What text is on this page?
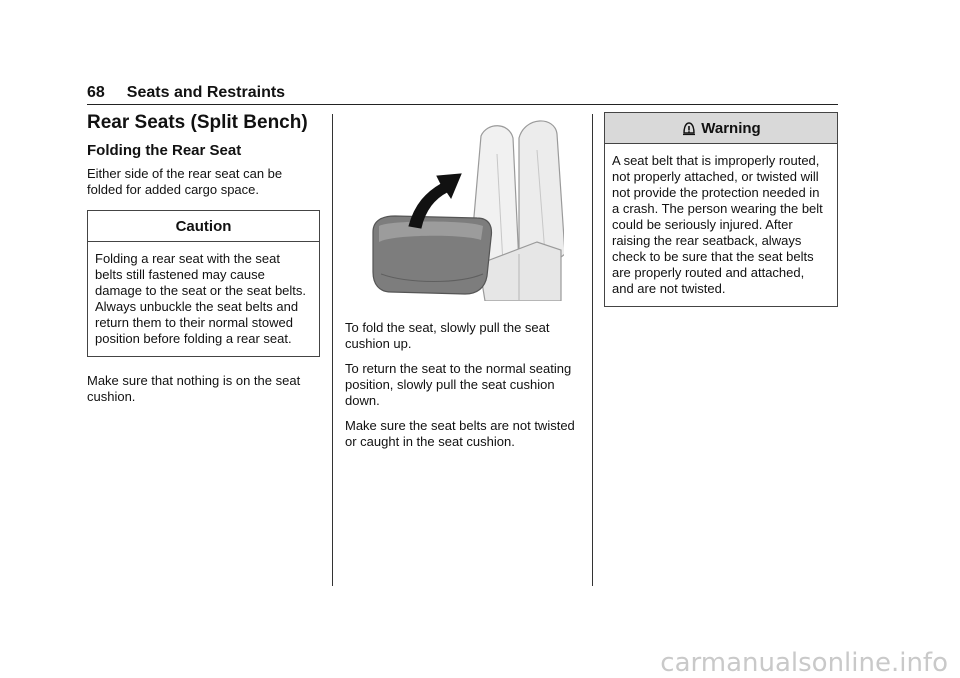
68 Seats and Restraints
Rear Seats (Split Bench)
Folding the Rear Seat

Either side of the rear seat can be folded for added cargo space.

Caution

Folding a rear seat with the seat belts still fastened may cause damage to the seat or the seat belts. Always unbuckle the seat belts and return them to their normal stowed position before folding a rear seat.

Make sure that nothing is on the seat cushion.

To fold the seat, slowly pull the seat cushion up.

To return the seat to the normal seating position, slowly pull the seat cushion down.

Make sure the seat belts are not twisted or caught in the seat cushion.

Warning

A seat belt that is improperly routed, not properly attached, or twisted will not provide the protection needed in a crash. The person wearing the belt could be seriously injured. After raising the rear seatback, always check to be sure that the seat belts are properly routed and attached, and are not twisted.

carmanualsonline.info
